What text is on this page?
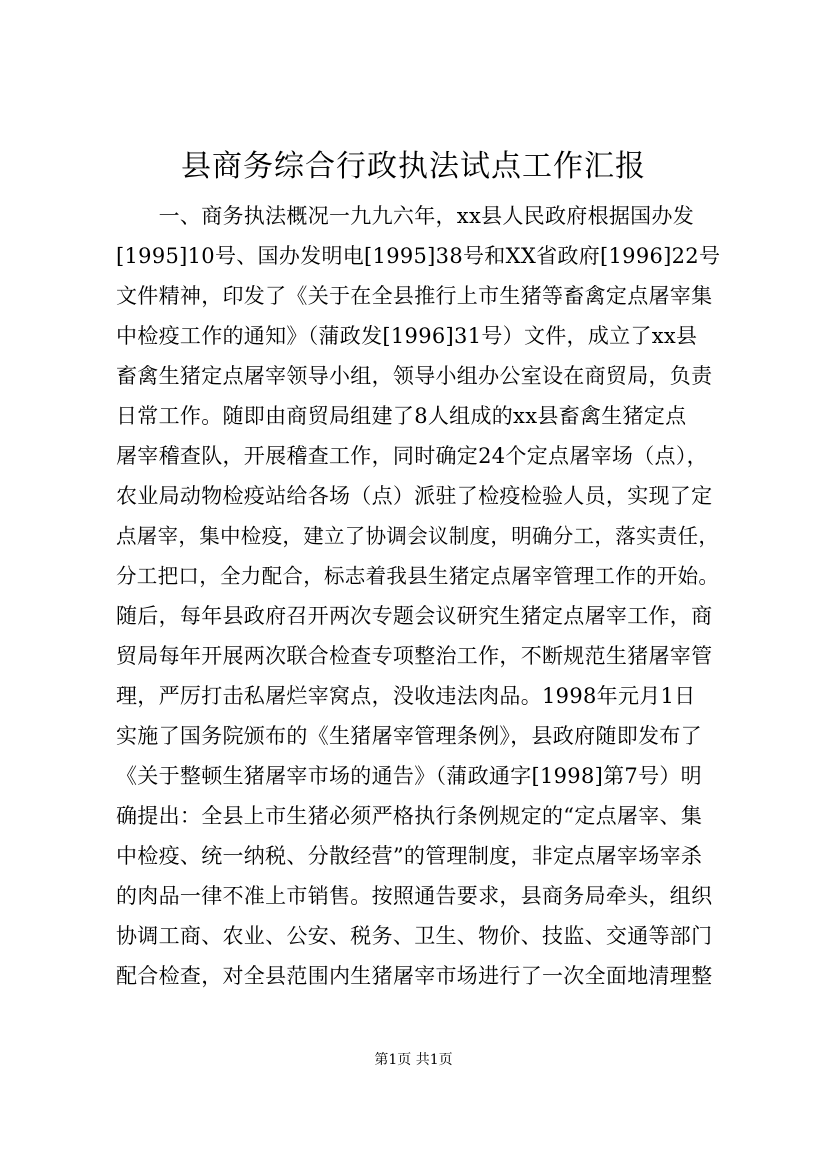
县商务综合行政执法试点工作汇报
　　一、商务执法概况一九九六年，xx县人民政府根据国办发
[1995]10号、国办发明电[1995]38号和XX省政府[1996]22号
文件精神，印发了《关于在全县推行上市生猪等畜禽定点屠宰集
中检疫工作的通知》（蒲政发[1996]31号）文件，成立了xx县
畜禽生猪定点屠宰领导小组，领导小组办公室设在商贸局，负责
日常工作。随即由商贸局组建了8人组成的xx县畜禽生猪定点
屠宰稽查队，开展稽查工作，同时确定24个定点屠宰场（点），
农业局动物检疫站给各场（点）派驻了检疫检验人员，实现了定
点屠宰，集中检疫，建立了协调会议制度，明确分工，落实责任，
分工把口，全力配合，标志着我县生猪定点屠宰管理工作的开始。
随后，每年县政府召开两次专题会议研究生猪定点屠宰工作，商
贸局每年开展两次联合检查专项整治工作，不断规范生猪屠宰管
理，严厉打击私屠烂宰窝点，没收违法肉品。1998年元月1日
实施了国务院颁布的《生猪屠宰管理条例》，县政府随即发布了
《关于整顿生猪屠宰市场的通告》（蒲政通字[1998]第7号）明
确提出：全县上市生猪必须严格执行条例规定的“定点屠宰、集
中检疫、统一纳税、分散经营”的管理制度，非定点屠宰场宰杀
的肉品一律不准上市销售。按照通告要求，县商务局牵头，组织
协调工商、农业、公安、税务、卫生、物价、技监、交通等部门
配合检查，对全县范围内生猪屠宰市场进行了一次全面地清理整
第1页 共1页
